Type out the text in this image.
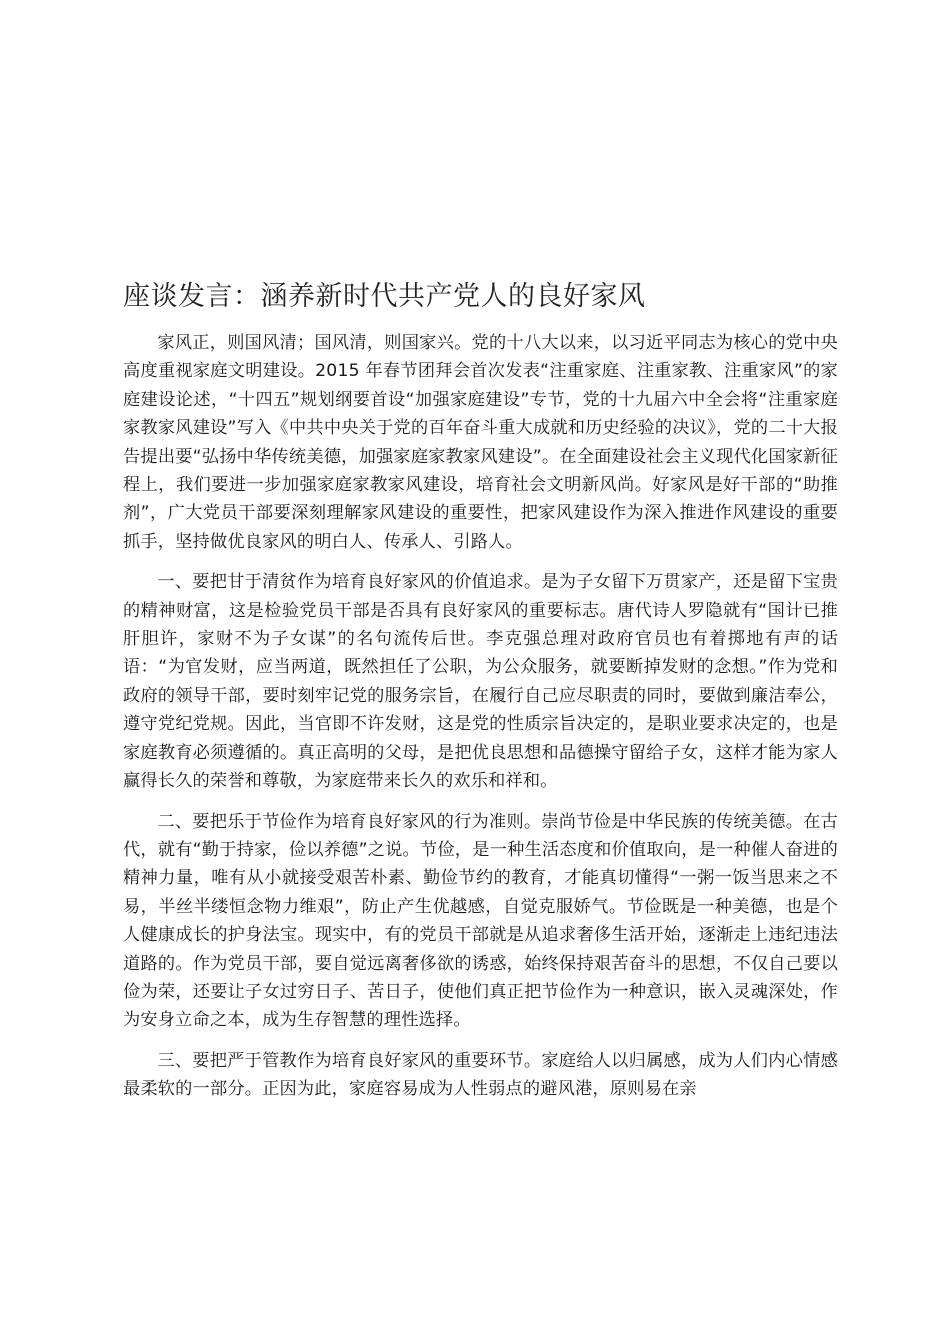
座谈发言：涵养新时代共产党人的良好家风

家风正，则国风清；国风清，则国家兴。党的十八大以来，以习近平同志为核心的党中央高度重视家庭文明建设。2015 年春节团拜会首次发表“注重家庭、注重家教、注重家风”的家庭建设论述，“十四五”规划纲要首设“加强家庭建设”专节，党的十九届六中全会将“注重家庭家教家风建设”写入《中共中央关于党的百年奋斗重大成就和历史经验的决议》，党的二十大报告提出要“弘扬中华传统美德，加强家庭家教家风建设”。在全面建设社会主义现代化国家新征程上，我们要进一步加强家庭家教家风建设，培育社会文明新风尚。好家风是好干部的“助推剂”，广大党员干部要深刻理解家风建设的重要性，把家风建设作为深入推进作风建设的重要抓手，坚持做优良家风的明白人、传承人、引路人。

一、要把甘于清贫作为培育良好家风的价值追求。是为子女留下万贯家产，还是留下宝贵的精神财富，这是检验党员干部是否具有良好家风的重要标志。唐代诗人罗隐就有“国计已推肝胆许，家财不为子女谋”的名句流传后世。李克强总理对政府官员也有着掷地有声的话语：“为官发财，应当两道，既然担任了公职，为公众服务，就要断掉发财的念想。”作为党和政府的领导干部，要时刻牢记党的服务宗旨，在履行自己应尽职责的同时，要做到廉洁奉公，遵守党纪党规。因此，当官即不许发财，这是党的性质宗旨决定的，是职业要求决定的，也是家庭教育必须遵循的。真正高明的父母，是把优良思想和品德操守留给子女，这样才能为家人赢得长久的荣誉和尊敬，为家庭带来长久的欢乐和祥和。

二、要把乐于节俭作为培育良好家风的行为准则。崇尚节俭是中华民族的传统美德。在古代，就有“勤于持家，俭以养德”之说。节俭，是一种生活态度和价值取向，是一种催人奋进的精神力量，唯有从小就接受艰苦朴素、勤俭节约的教育，才能真切懂得“一粥一饭当思来之不易，半丝半缕恒念物力维艰”，防止产生优越感，自觉克服娇气。节俭既是一种美德，也是个人健康成长的护身法宝。现实中，有的党员干部就是从追求奢侈生活开始，逐渐走上违纪违法道路的。作为党员干部，要自觉远离奢侈欲的诱惑，始终保持艰苦奋斗的思想，不仅自己要以俭为荣，还要让子女过穷日子、苦日子，使他们真正把节俭作为一种意识，嵌入灵魂深处，作为安身立命之本，成为生存智慧的理性选择。

三、要把严于管教作为培育良好家风的重要环节。家庭给人以归属感，成为人们内心情感最柔软的一部分。正因为此，家庭容易成为人性弱点的避风港，原则易在亲
